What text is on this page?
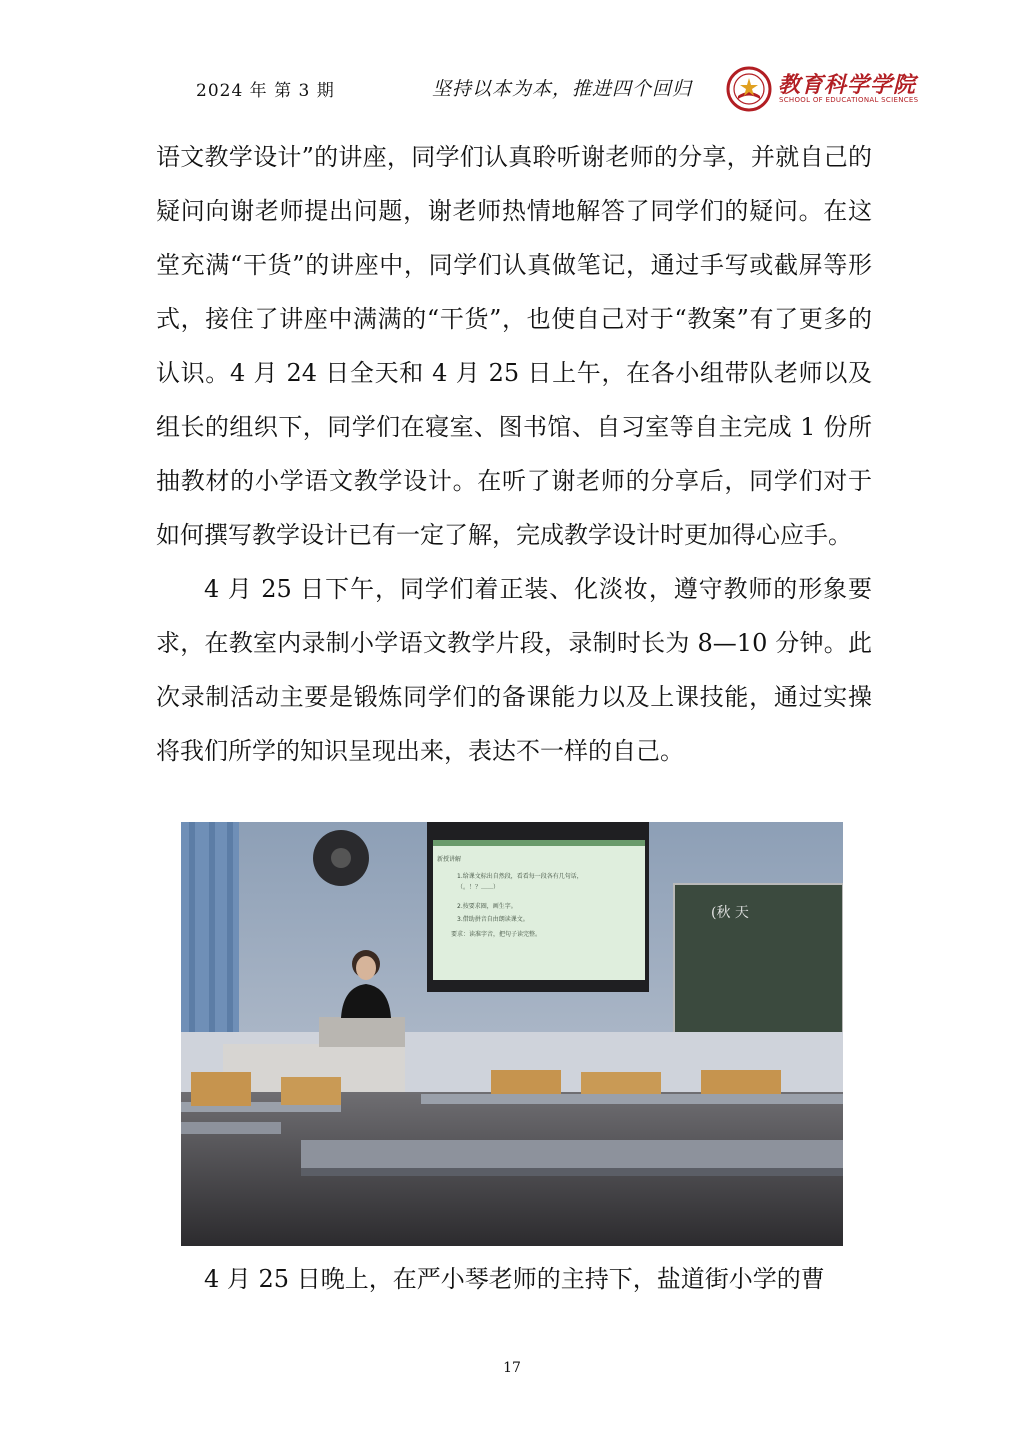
2024 年 第 3 期	坚持以本为本，推进四个回归	教育科学学院
SCHOOL OF EDUCATIONAL SCIENCES

语文教学设计”的讲座，同学们认真聆听谢老师的分享，并就自己的疑问向谢老师提出问题，谢老师热情地解答了同学们的疑问。在这堂充满“干货”的讲座中，同学们认真做笔记，通过手写或截屏等形式，接住了讲座中满满的“干货”，也使自己对于“教案”有了更多的认识。4 月 24 日全天和 4 月 25 日上午，在各小组带队老师以及组长的组织下，同学们在寝室、图书馆、自习室等自主完成 1 份所抽教材的小学语文教学设计。在听了谢老师的分享后，同学们对于如何撰写教学设计已有一定了解，完成教学设计时更加得心应手。

4 月 25 日下午，同学们着正装、化淡妆，遵守教师的形象要求，在教室内录制小学语文教学片段，录制时长为 8—10 分钟。此次录制活动主要是锻炼同学们的备课能力以及上课技能，通过实操将我们所学的知识呈现出来，表达不一样的自己。

新授讲解
1.给课文标出自然段，看看每一段各有几句话，
（。！？……）
2.按要求圈，画生字。
3.借助拼音自由朗读课文。
要求：读准字音，把句子读完整。
(秋 天

4 月 25 日晚上，在严小琴老师的主持下，盐道街小学的曹

17
